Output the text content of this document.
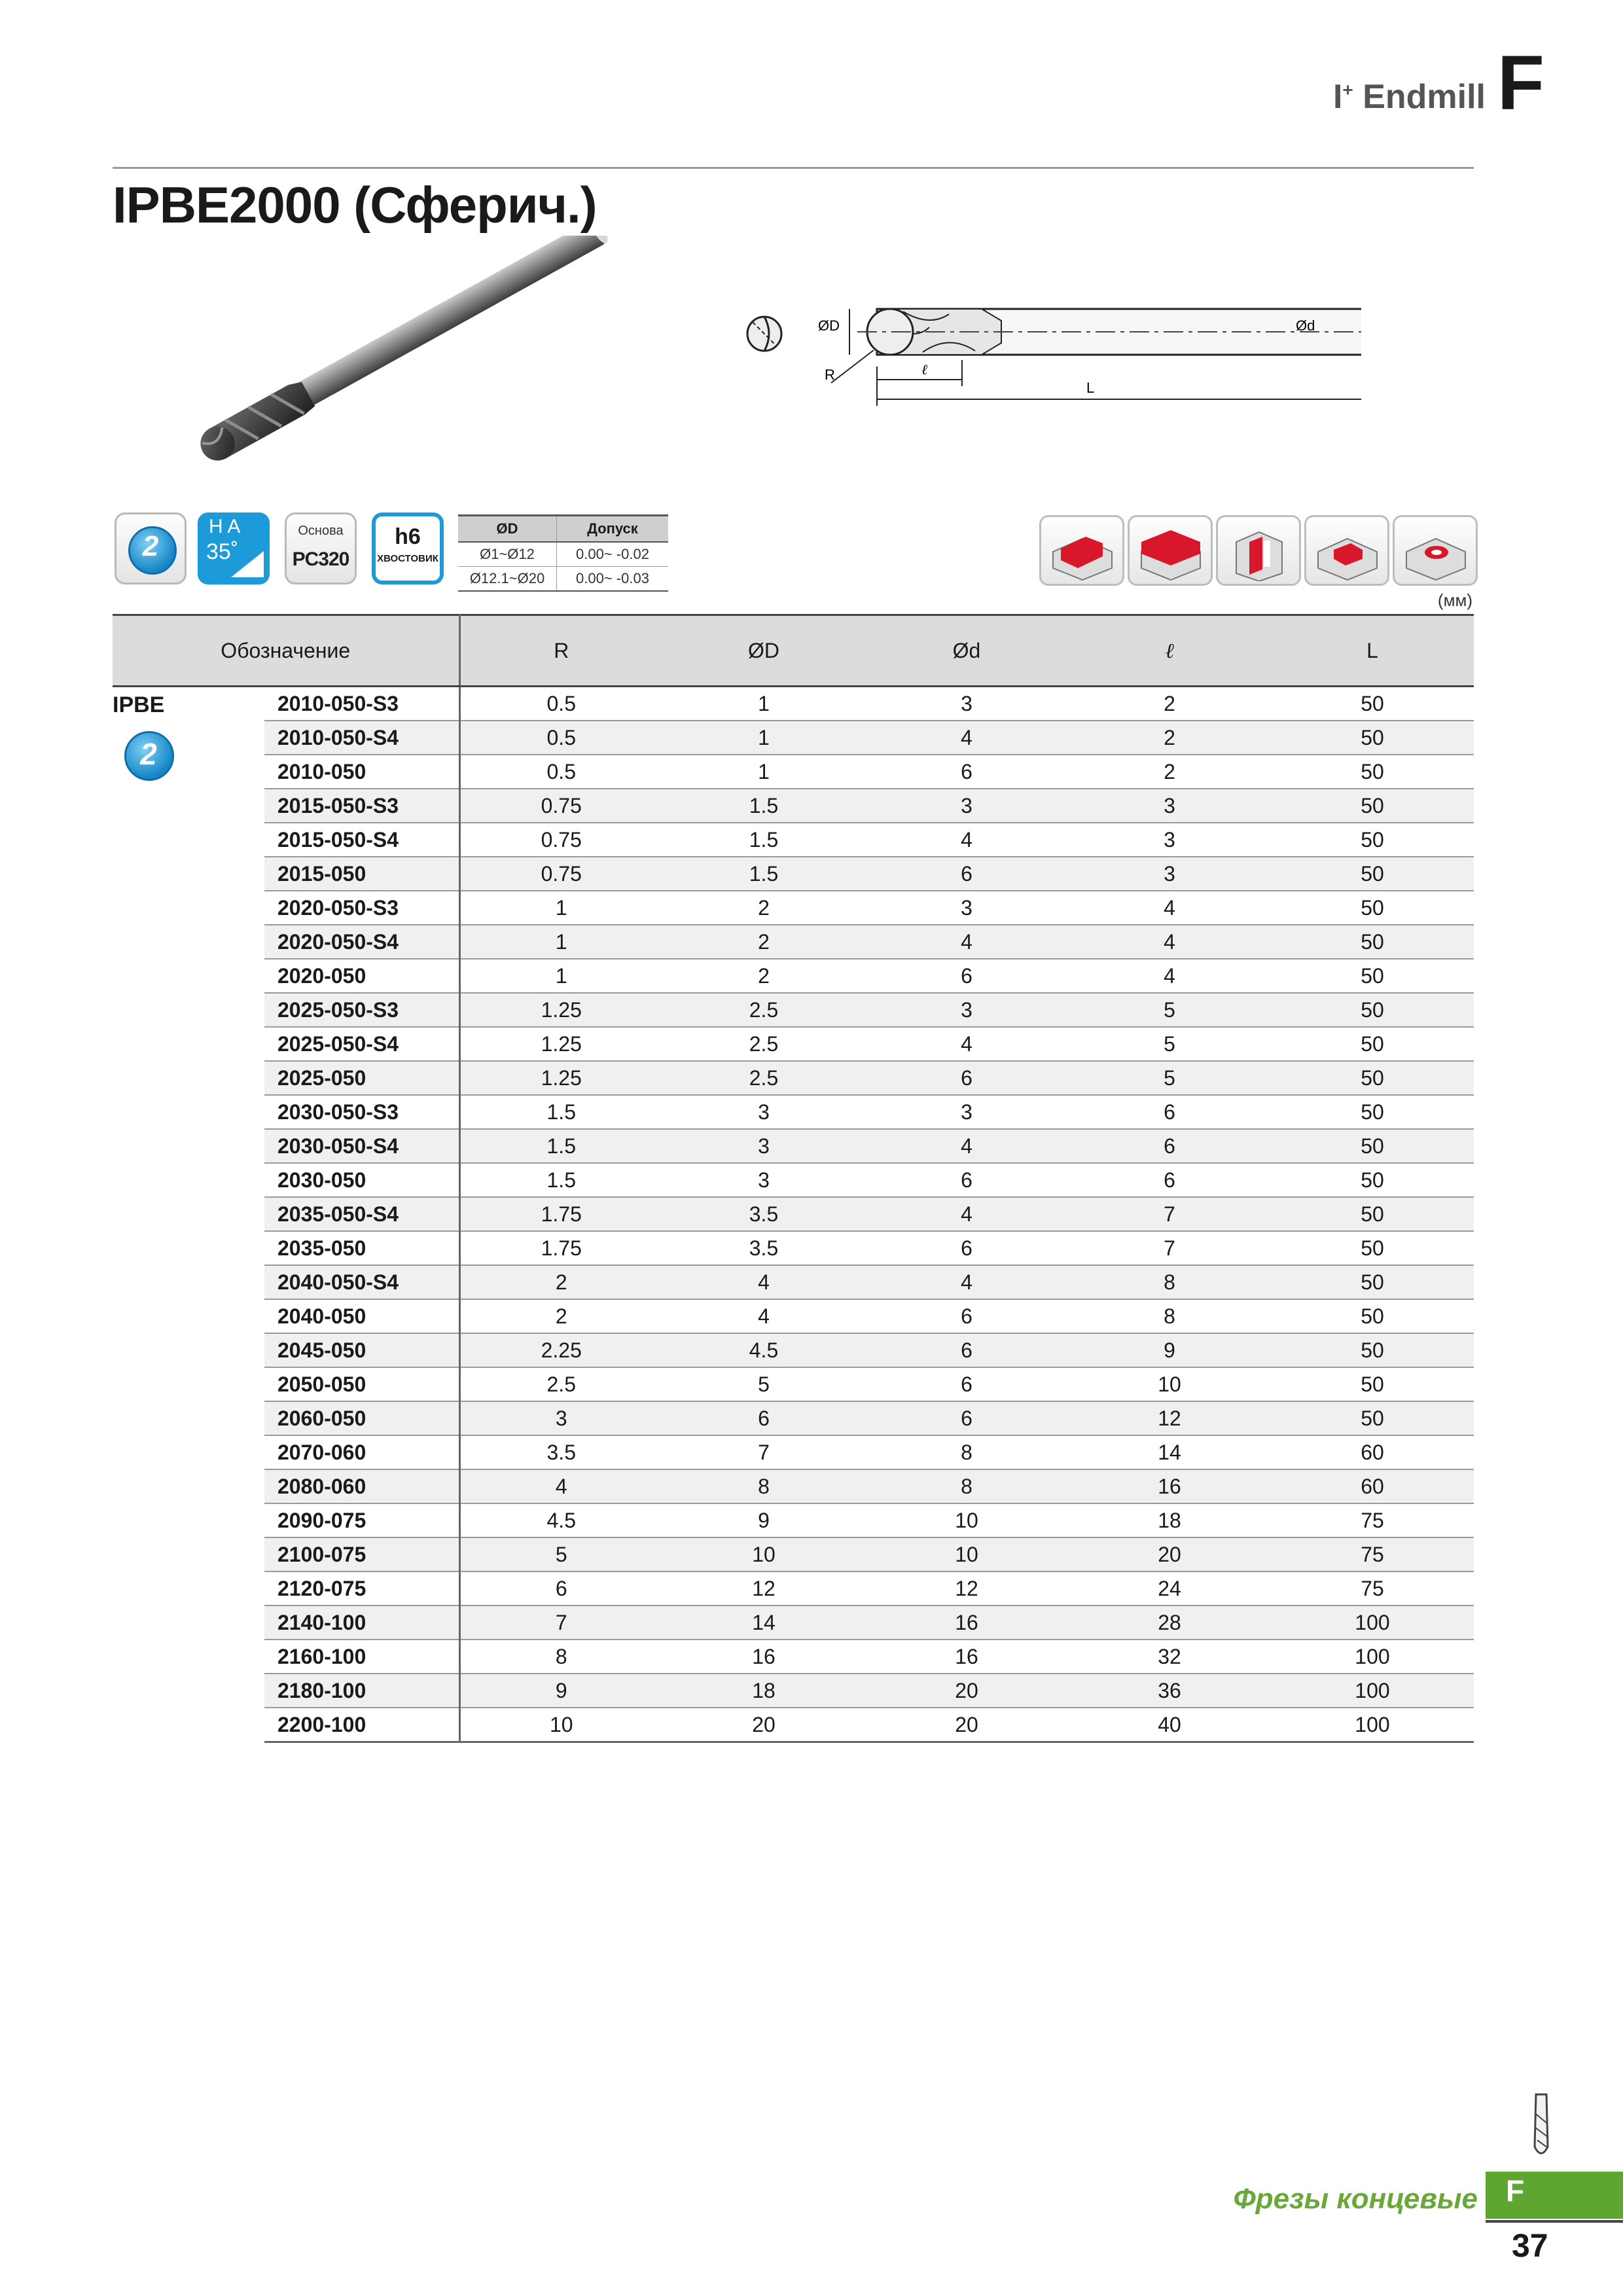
I+ Endmill F
IPBE2000 (Сферич.)
ØD	Ød
ℓ
L
R
2
H A
35˚
Основа
PC320
h6
ХВОСТОВИК
ØD	Допуск
Ø1~Ø12	0.00~ -0.02
Ø12.1~Ø20	0.00~ -0.03
(мм)
Обозначение		R	ØD	Ød	ℓ	L

IPBE
2	2010-050-S3	0.5	1	3	2	50
	2010-050-S4	0.5	1	4	2	50
	2010-050	0.5	1	6	2	50
	2015-050-S3	0.75	1.5	3	3	50
	2015-050-S4	0.75	1.5	4	3	50
	2015-050	0.75	1.5	6	3	50
	2020-050-S3	1	2	3	4	50
	2020-050-S4	1	2	4	4	50
	2020-050	1	2	6	4	50
	2025-050-S3	1.25	2.5	3	5	50
	2025-050-S4	1.25	2.5	4	5	50
	2025-050	1.25	2.5	6	5	50
	2030-050-S3	1.5	3	3	6	50
	2030-050-S4	1.5	3	4	6	50
	2030-050	1.5	3	6	6	50
	2035-050-S4	1.75	3.5	4	7	50
	2035-050	1.75	3.5	6	7	50
	2040-050-S4	2	4	4	8	50
	2040-050	2	4	6	8	50
	2045-050	2.25	4.5	6	9	50
	2050-050	2.5	5	6	10	50
	2060-050	3	6	6	12	50
	2070-060	3.5	7	8	14	60
	2080-060	4	8	8	16	60
	2090-075	4.5	9	10	18	75
	2100-075	5	10	10	20	75
	2120-075	6	12	12	24	75
	2140-100	7	14	16	28	100
	2160-100	8	16	16	32	100
	2180-100	9	18	20	36	100
	2200-100	10	20	20	40	100
Фрезы концевые F
37
